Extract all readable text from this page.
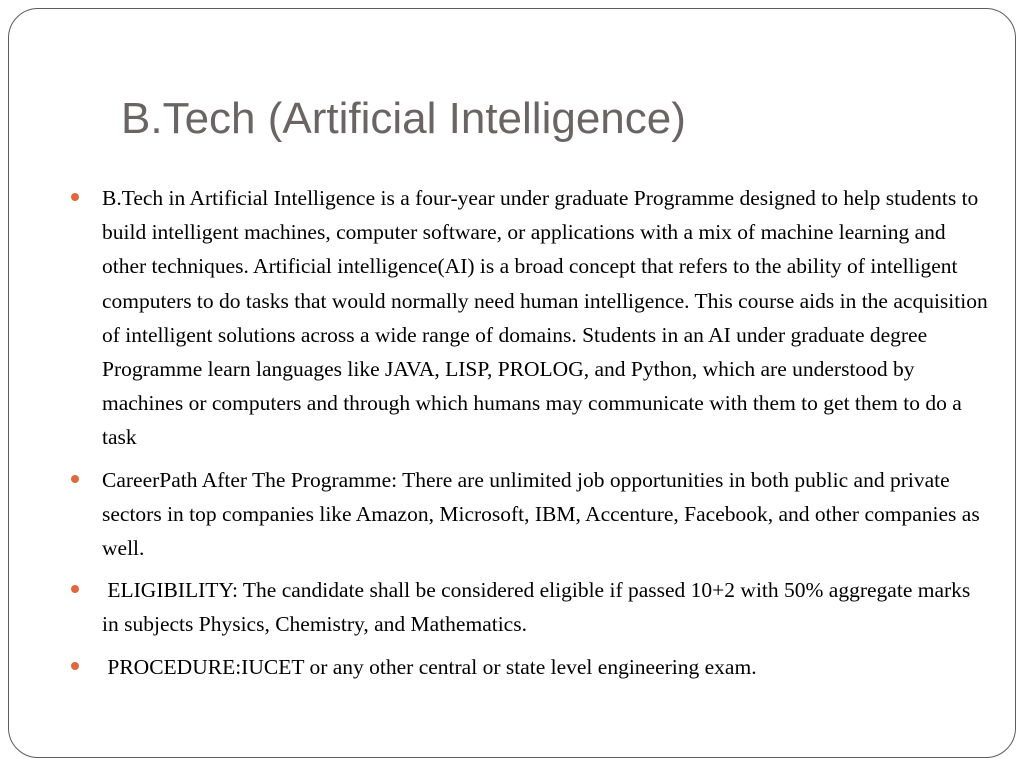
B.Tech (Artificial Intelligence)
B.Tech in Artificial Intelligence is a four-year under graduate Programme designed to help students to build intelligent machines, computer software, or applications with a mix of machine learning and other techniques. Artificial intelligence(AI) is a broad concept that refers to the ability of intelligent computers to do tasks that would normally need human intelligence. This course aids in the acquisition of intelligent solutions across a wide range of domains. Students in an AI under graduate degree Programme learn languages like JAVA, LISP, PROLOG, and Python, which are understood by machines or computers and through which humans may communicate with them to get them to do a task
CareerPath After The Programme: There are unlimited job opportunities in both public and private sectors in top companies like Amazon, Microsoft, IBM, Accenture, Facebook, and other companies as well.
ELIGIBILITY: The candidate shall be considered eligible if passed 10+2 with 50% aggregate marks in subjects Physics, Chemistry, and Mathematics.
PROCEDURE:IUCET or any other central or state level engineering exam.
